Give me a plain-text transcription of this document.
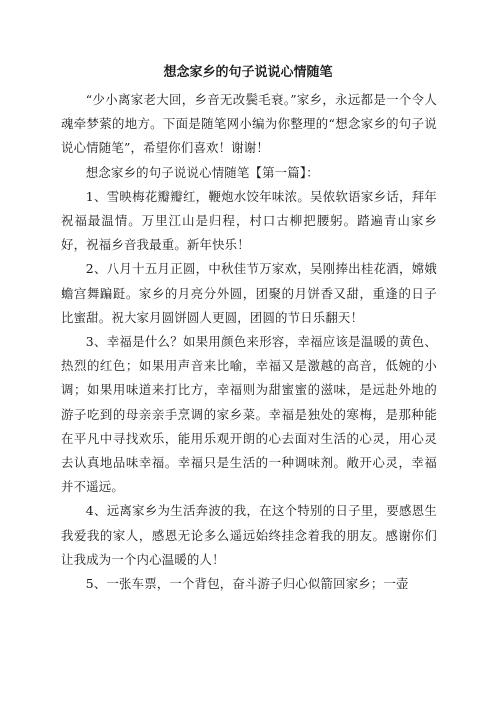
想念家乡的句子说说心情随笔

“少小离家老大回，乡音无改鬓毛衰。”家乡，永远都是一个令人魂牵梦萦的地方。下面是随笔网小编为你整理的“想念家乡的句子说说心情随笔”，希望你们喜欢！谢谢！

想念家乡的句子说说心情随笔【第一篇】：

1、雪映梅花瓣瓣红，鞭炮水饺年味浓。吴侬软语家乡话，拜年祝福最温情。万里江山是归程，村口古柳把腰躬。踏遍青山家乡好，祝福乡音我最重。新年快乐！

2、八月十五月正圆，中秋佳节万家欢，吴刚捧出桂花酒，嫦娥蟾宫舞蹁跹。家乡的月亮分外圆，团聚的月饼香又甜，重逢的日子比蜜甜。祝大家月圆饼圆人更圆，团圆的节日乐翻天！

3、幸福是什么？如果用颜色来形容，幸福应该是温暖的黄色、热烈的红色；如果用声音来比喻，幸福又是激越的高音，低婉的小调；如果用味道来打比方，幸福则为甜蜜蜜的滋味，是远赴外地的游子吃到的母亲亲手烹调的家乡菜。幸福是独处的寒梅，是那种能在平凡中寻找欢乐，能用乐观开朗的心去面对生活的心灵，用心灵去认真地品味幸福。幸福只是生活的一种调味剂。敞开心灵，幸福并不遥远。

4、远离家乡为生活奔波的我，在这个特别的日子里，要感恩生我爱我的家人，感恩无论多么遥远始终挂念着我的朋友。感谢你们让我成为一个内心温暖的人！

5、一张车票，一个背包，奋斗游子归心似箭回家乡；一壶
